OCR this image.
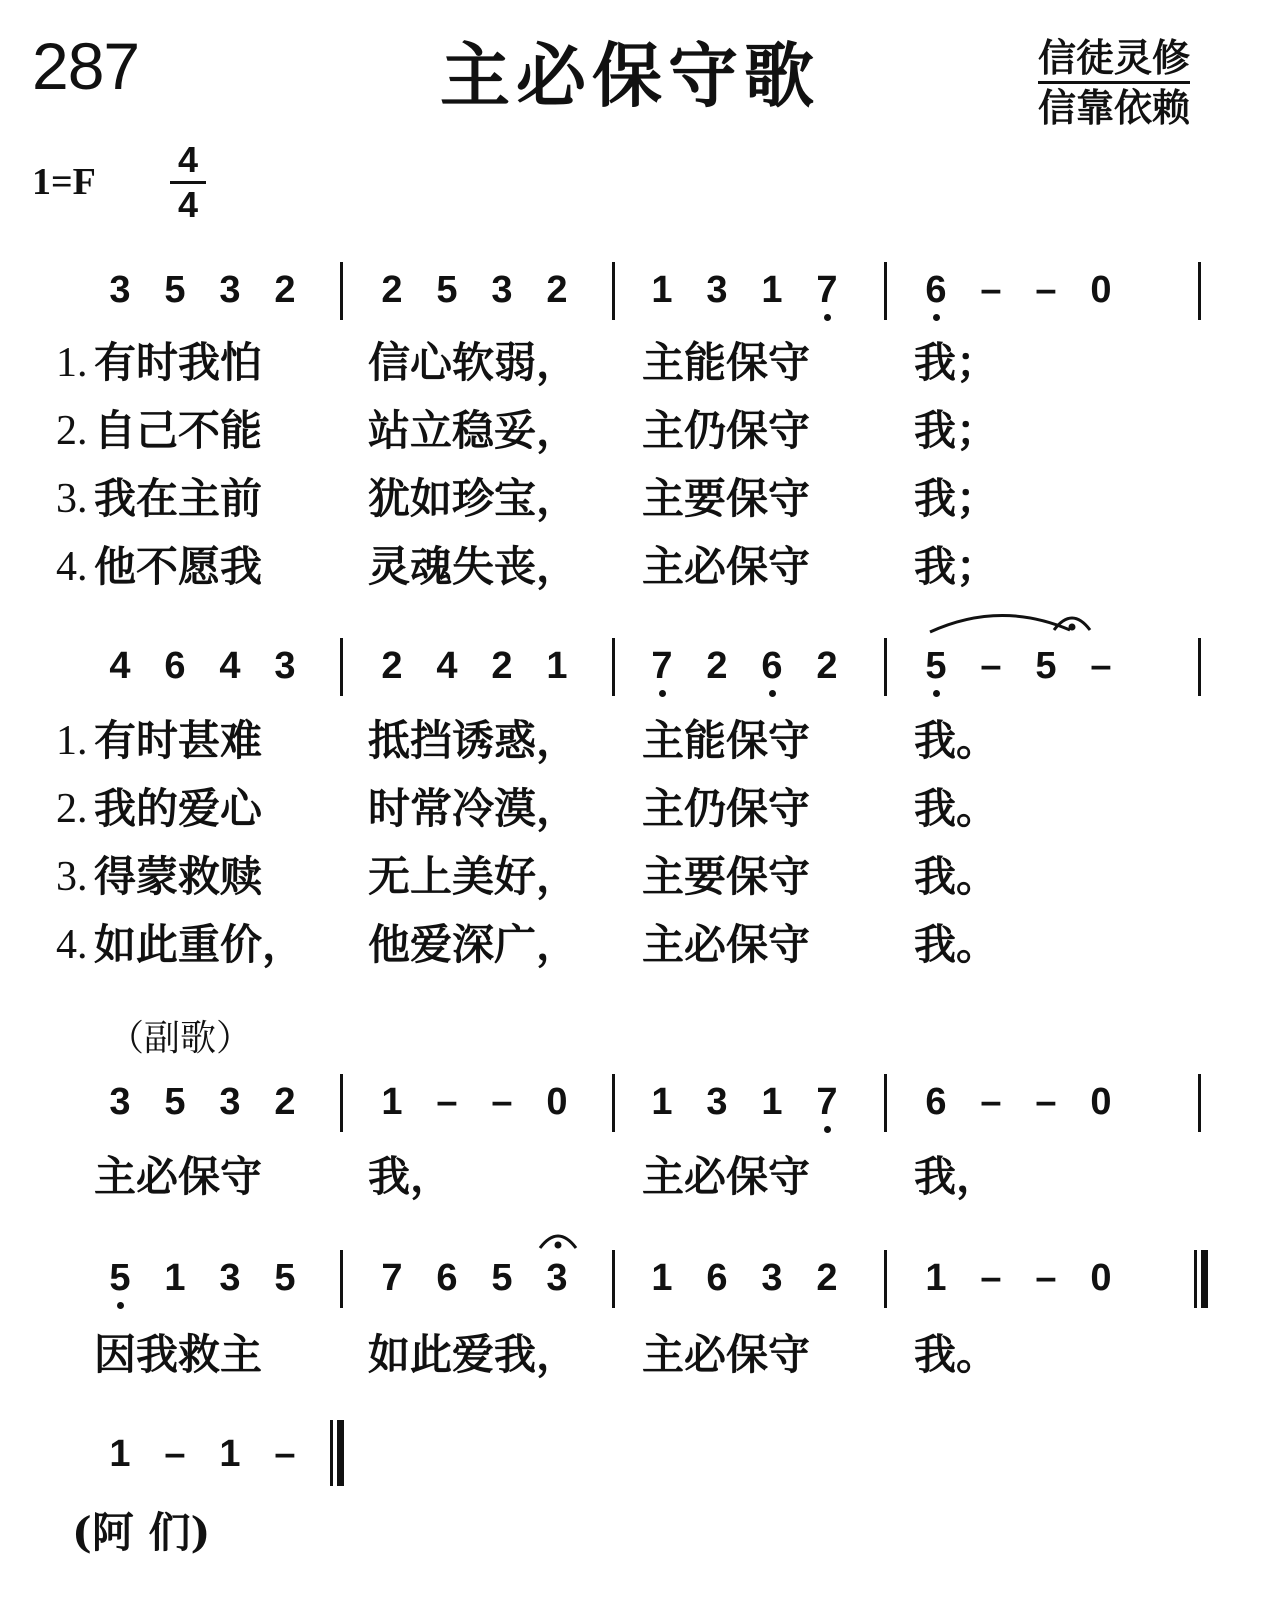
287	主必保守歌	信徒灵修
信靠依赖
1=F
4
4
3 5 3 2 2 5 3 2 1 3 1 7 6 – – 0
1. 有时我怕	信心软弱， 主能保守 我；
2. 自己不能	站立稳妥， 主仍保守 我；
3. 我在主前	犹如珍宝， 主要保守 我；
4. 他不愿我	灵魂失丧， 主必保守 我；
4 6 4 3 2 4 2 1 7 2 6 2 5 – 5 –
1. 有时甚难	抵挡诱惑， 主能保守 我。
2. 我的爱心	时常冷漠， 主仍保守 我。
3. 得蒙救赎	无上美好， 主要保守 我。
4. 如此重价， 他爱深广， 主必保守 我。
（副歌）
3 5 3 2 1 – – 0 1 3 1 7 6 – – 0
主必保守	我，	主必保守 我，
5 1 3 5 7 6 5 3 1 6 3 2 1 – – 0
因我救主	如此爱我， 主必保守 我。
1 – 1 –
(阿 们)
